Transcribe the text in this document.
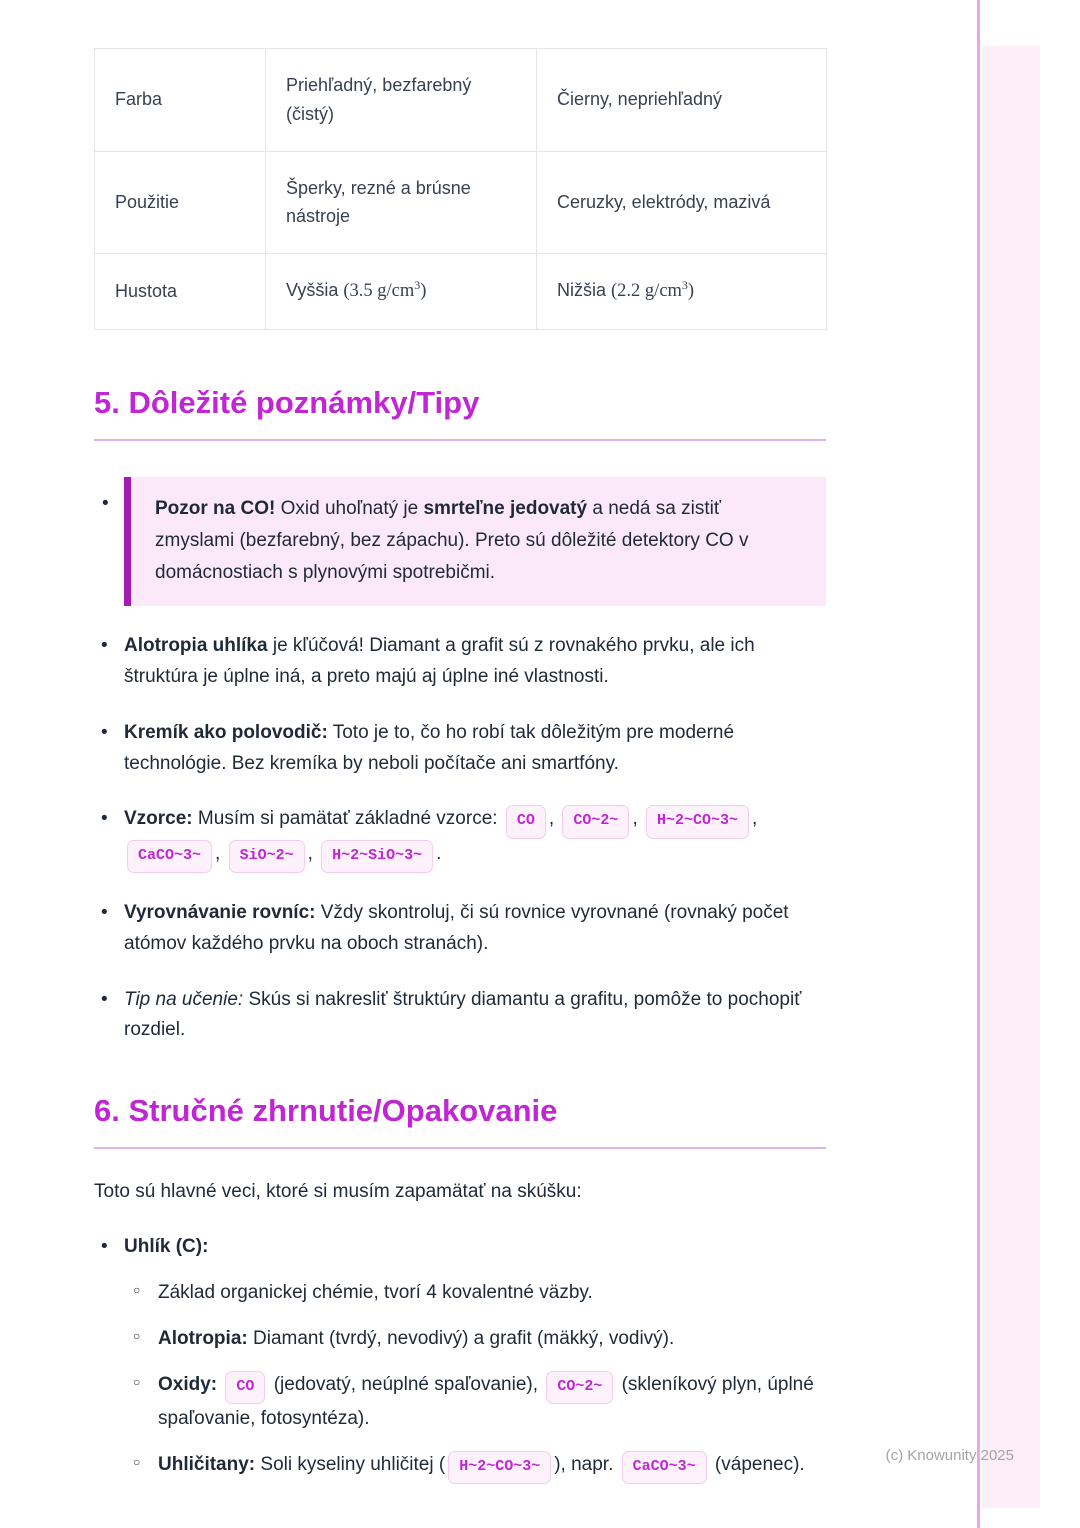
(c) Knowunity 2025
Farba	Priehľadný, bezfarebný (čistý)	Čierny, nepriehľadný
Použitie	Šperky, rezné a brúsne nástroje	Ceruzky, elektródy, mazivá
Hustota	Vyššia (3.5 $g/cm^3$)	Nižšia (2.2 $g/cm^3$)
5. Dôležité poznámky/Tipy

• Pozor na CO! Oxid uhoľnatý je smrteľne jedovatý a nedá sa zistiť zmyslami (bezfarebný, bez zápachu). Preto sú dôležité detektory CO v domácnostiach s plynovými spotrebičmi.

• Alotropia uhlíka je kľúčová! Diamant a grafit sú z rovnakého prvku, ale ich štruktúra je úplne iná, a preto majú aj úplne iné vlastnosti.
• Kremík ako polovodič: Toto je to, čo ho robí tak dôležitým pre moderné technológie. Bez kremíka by neboli počítače ani smartfóny.
• Vzorce: Musím si pamätať základné vzorce: CO , CO~2~ , H~2~CO~3~ , CaCO~3~ , SiO~2~ , H~2~SiO~3~ .
• Vyrovnávanie rovníc: Vždy skontroluj, či sú rovnice vyrovnané (rovnaký počet atómov každého prvku na oboch stranách).
• Tip na učenie: Skús si nakresliť štruktúry diamantu a grafitu, pomôže to pochopiť rozdiel.
6. Stručné zhrnutie/Opakovanie

Toto sú hlavné veci, ktoré si musím zapamätať na skúšku:

• Uhlík (C):
○ Základ organickej chémie, tvorí 4 kovalentné väzby.
○ Alotropia: Diamant (tvrdý, nevodivý) a grafit (mäkký, vodivý).
○ Oxidy: CO (jedovatý, neúplné spaľovanie), CO~2~ (skleníkový plyn, úplné spaľovanie, fotosyntéza).
○ Uhličitany: Soli kyseliny uhličitej ( H~2~CO~3~ ), napr. CaCO~3~ (vápenec).
